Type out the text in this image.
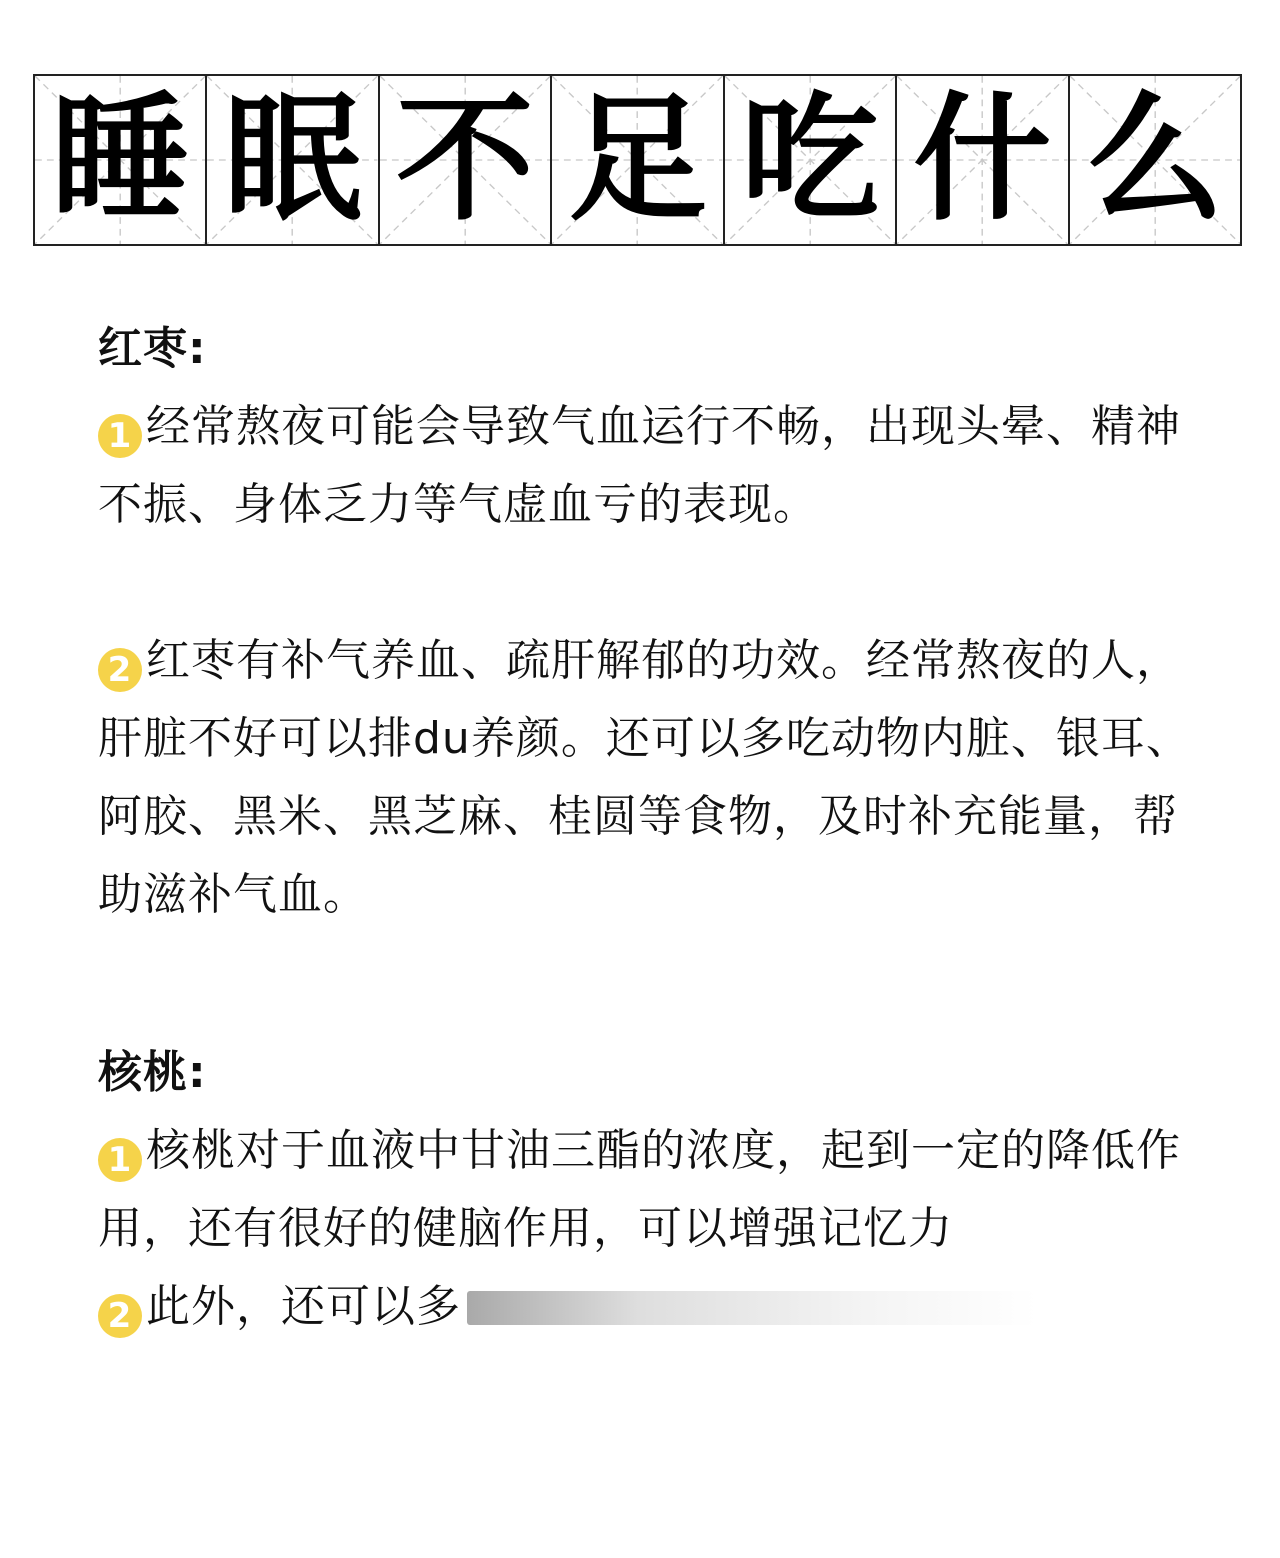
睡 眠 不 足 吃 什 么

红枣:

1 经常熬夜可能会导致气血运行不畅，出现头晕、精神不振、身体乏力等气虚血亏的表现。

2 红枣有补气养血、疏肝解郁的功效。经常熬夜的人，肝脏不好可以排du养颜。还可以多吃动物内脏、银耳、阿胶、黑米、黑芝麻、桂圆等食物，及时补充能量，帮助滋补气血。

核桃:

1 核桃对于血液中甘油三酯的浓度，起到一定的降低作用，还有很好的健脑作用，可以增强记忆力

2 此外，还可以多
